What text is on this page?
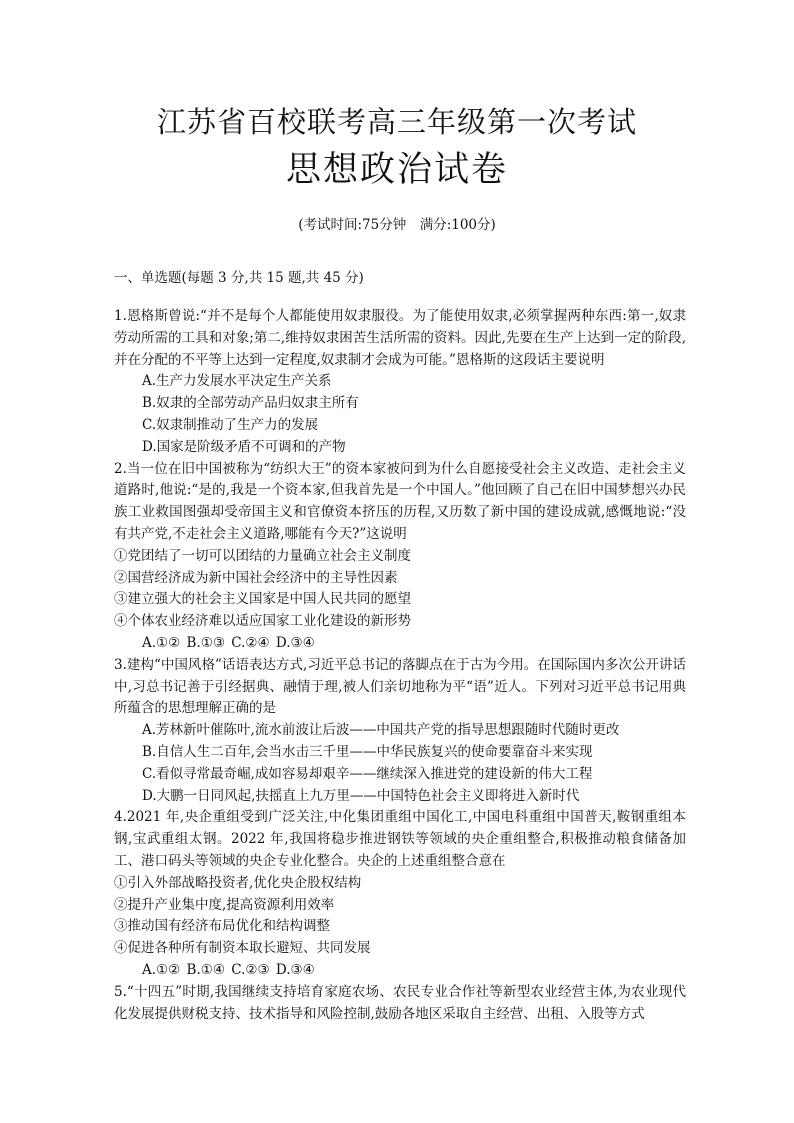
江苏省百校联考高三年级第一次考试
思想政治试卷
(考试时间:75分钟　满分:100分)
一、单选题(每题 3 分,共 15 题,共 45 分)

1.恩格斯曾说:“并不是每个人都能使用奴隶服役。为了能使用奴隶,必须掌握两种东西:第一,奴隶劳动所需的工具和对象;第二,维持奴隶困苦生活所需的资料。因此,先要在生产上达到一定的阶段,并在分配的不平等上达到一定程度,奴隶制才会成为可能。”恩格斯的这段话主要说明

A.生产力发展水平决定生产关系

B.奴隶的全部劳动产品归奴隶主所有

C.奴隶制推动了生产力的发展

D.国家是阶级矛盾不可调和的产物

2.当一位在旧中国被称为“纺织大王”的资本家被问到为什么自愿接受社会主义改造、走社会主义道路时,他说:“是的,我是一个资本家,但我首先是一个中国人。”他回顾了自己在旧中国梦想兴办民族工业救国图强却受帝国主义和官僚资本挤压的历程,又历数了新中国的建设成就,感慨地说:“没有共产党,不走社会主义道路,哪能有今天?”这说明

①党团结了一切可以团结的力量确立社会主义制度

②国营经济成为新中国社会经济中的主导性因素

③建立强大的社会主义国家是中国人民共同的愿望

④个体农业经济难以适应国家工业化建设的新形势

A.①② B.①③ C.②④ D.③④

3.建构“中国风格”话语表达方式,习近平总书记的落脚点在于古为今用。在国际国内多次公开讲话中,习总书记善于引经据典、融情于理,被人们亲切地称为平“语”近人。下列对习近平总书记用典所蕴含的思想理解正确的是

A.芳林新叶催陈叶,流水前波让后波——中国共产党的指导思想跟随时代随时更改

B.自信人生二百年,会当水击三千里——中华民族复兴的使命要靠奋斗来实现

C.看似寻常最奇崛,成如容易却艰辛——继续深入推进党的建设新的伟大工程

D.大鹏一日同风起,扶摇直上九万里——中国特色社会主义即将进入新时代

4.2021 年,央企重组受到广泛关注,中化集团重组中国化工,中国电科重组中国普天,鞍钢重组本钢,宝武重组太钢。2022 年,我国将稳步推进钢铁等领域的央企重组整合,积极推动粮食储备加工、港口码头等领域的央企专业化整合。央企的上述重组整合意在

①引入外部战略投资者,优化央企股权结构

②提升产业集中度,提高资源利用效率

③推动国有经济布局优化和结构调整

④促进各种所有制资本取长避短、共同发展

A.①② B.①④ C.②③ D.③④

5.“十四五”时期,我国继续支持培育家庭农场、农民专业合作社等新型农业经营主体,为农业现代化发展提供财税支持、技术指导和风险控制,鼓励各地区采取自主经营、出租、入股等方式
